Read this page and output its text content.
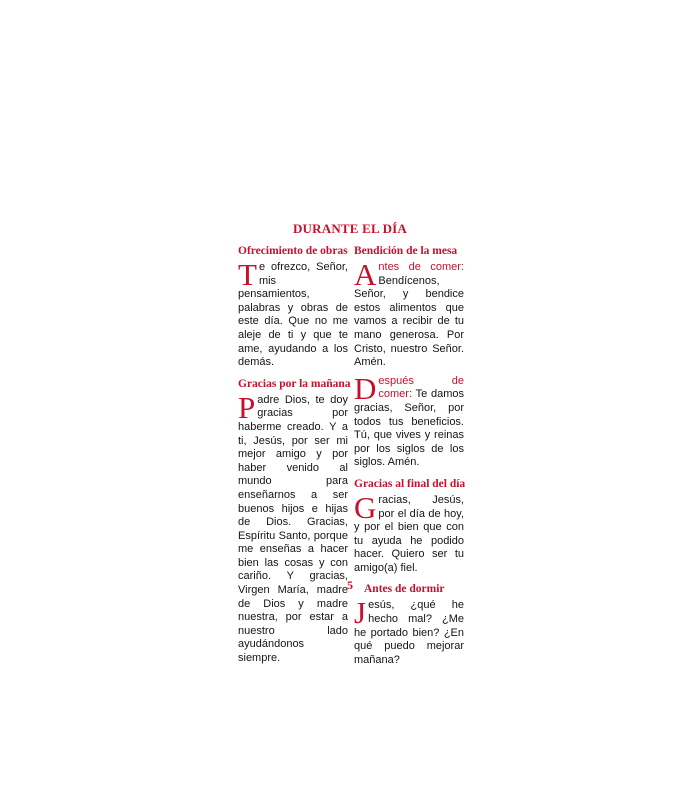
DURANTE EL DÍA
Ofrecimiento de obras
Te ofrezco, Señor, mis pensamientos, palabras y obras de este día. Que no me aleje de ti y que te ame, ayudando a los demás.
Gracias por la mañana
Padre Dios, te doy gracias por haberme creado. Y a ti, Jesús, por ser mi mejor amigo y por haber venido al mundo para enseñarnos a ser buenos hijos e hijas de Dios. Gracias, Espíritu Santo, porque me enseñas a hacer bien las cosas y con cariño. Y gracias, Virgen María, madre de Dios y madre nuestra, por estar a nuestro lado ayudándonos siempre.
Bendición de la mesa
Antes de comer: Bendícenos, Señor, y bendice estos alimentos que vamos a recibir de tu mano generosa. Por Cristo, nuestro Señor. Amén.
Después de comer: Te damos gracias, Señor, por todos tus beneficios. Tú, que vives y reinas por los siglos de los siglos. Amén.
Gracias al final del día
Gracias, Jesús, por el día de hoy, y por el bien que con tu ayuda he podido hacer. Quiero ser tu amigo(a) fiel.
Antes de dormir
Jesús, ¿qué he hecho mal? ¿Me he portado bien? ¿En qué puedo mejorar mañana?
5
